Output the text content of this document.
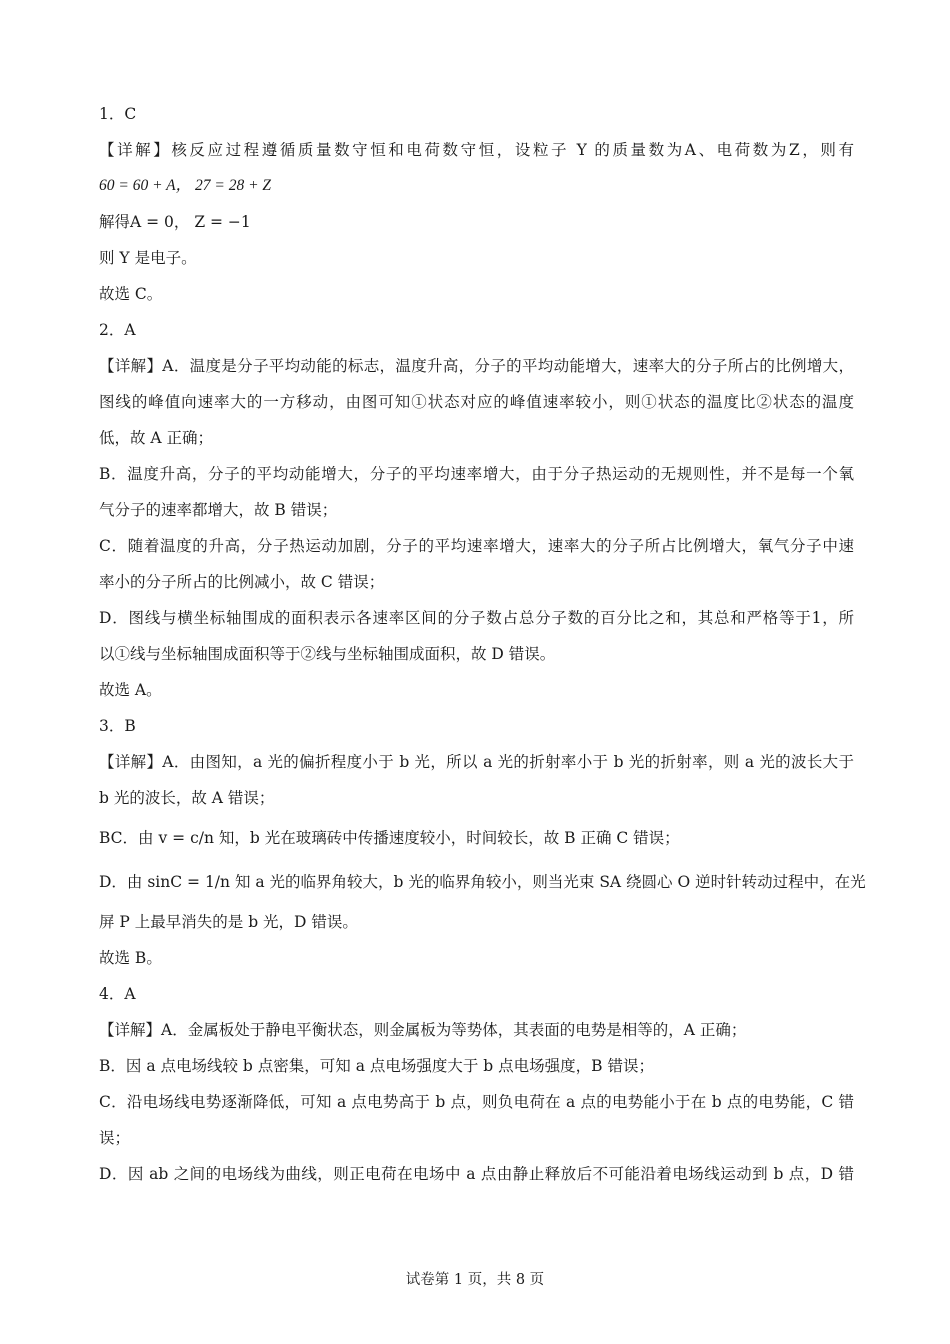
1．C
【详解】核反应过程遵循质量数守恒和电荷数守恒，设粒子 Y 的质量数为A、电荷数为Z，则有
60 = 60 + A， 27 = 28 + Z
解得A = 0， Z = −1
则 Y 是电子。
故选 C。
2．A
【详解】A．温度是分子平均动能的标志，温度升高，分子的平均动能增大，速率大的分子所占的比例增大，
图线的峰值向速率大的一方移动，由图可知①状态对应的峰值速率较小，则①状态的温度比②状态的温度
低，故 A 正确；
B．温度升高，分子的平均动能增大，分子的平均速率增大，由于分子热运动的无规则性，并不是每一个氧
气分子的速率都增大，故 B 错误；
C．随着温度的升高，分子热运动加剧，分子的平均速率增大，速率大的分子所占比例增大，氧气分子中速
率小的分子所占的比例减小，故 C 错误；
D．图线与横坐标轴围成的面积表示各速率区间的分子数占总分子数的百分比之和，其总和严格等于1，所
以①线与坐标轴围成面积等于②线与坐标轴围成面积，故 D 错误。
故选 A。
3．B
【详解】A．由图知，a 光的偏折程度小于 b 光，所以 a 光的折射率小于 b 光的折射率，则 a 光的波长大于
b 光的波长，故 A 错误；
BC．由 v = c/n 知，b 光在玻璃砖中传播速度较小，时间较长，故 B 正确 C 错误；
D．由 sinC = 1/n 知 a 光的临界角较大，b 光的临界角较小，则当光束 SA 绕圆心 O 逆时针转动过程中，在光
屏 P 上最早消失的是 b 光，D 错误。
故选 B。
4．A
【详解】A．金属板处于静电平衡状态，则金属板为等势体，其表面的电势是相等的，A 正确；
B．因 a 点电场线较 b 点密集，可知 a 点电场强度大于 b 点电场强度，B 错误；
C．沿电场线电势逐渐降低，可知 a 点电势高于 b 点，则负电荷在 a 点的电势能小于在 b 点的电势能，C 错
误；
D．因 ab 之间的电场线为曲线，则正电荷在电场中 a 点由静止释放后不可能沿着电场线运动到 b 点，D 错
试卷第 1 页，共 8 页
